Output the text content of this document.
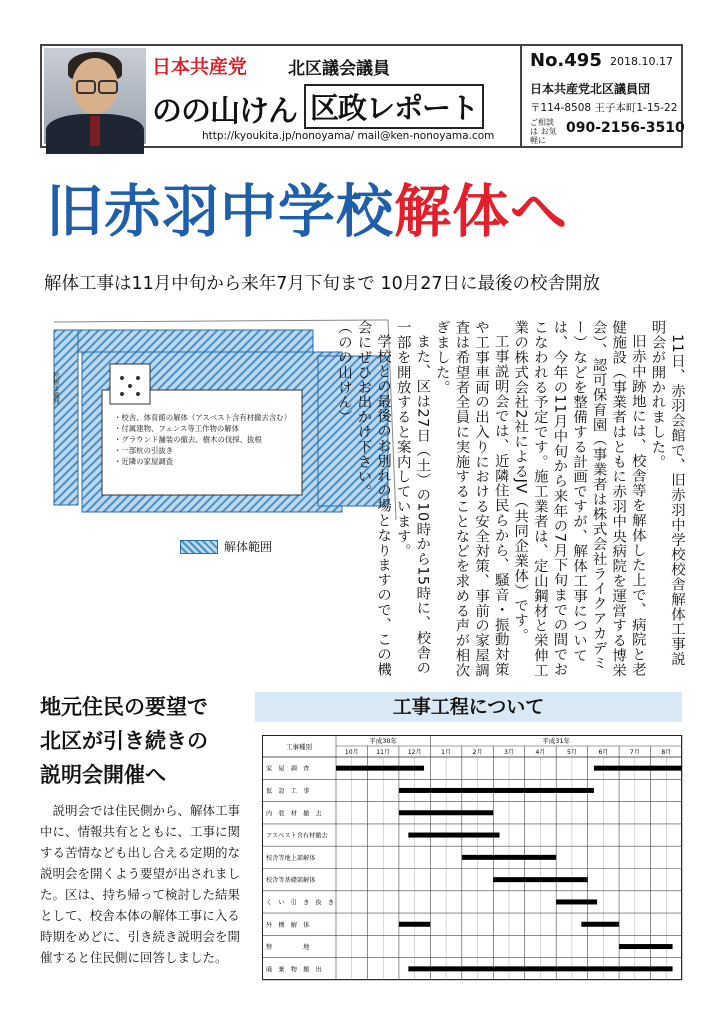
日本共産党 北区議会議員
のの山けん 区政レポート
http://kyoukita.jp/nonoyama/ mail@ken-nonoyama.com
No.495 2018.10.17
日本共産党北区議員団
〒114-8508 王子本町1-15-22
ご相談は お気軽に
090-2156-3510
旧赤羽中学校解体へ
解体工事は11月中旬から来年7月下旬まで 10月27日に最後の校舎開放
杭抜き範囲
・校舎、体育館の解体（アスベスト含有材撤去含む）
・付属建物、フェンス等工作物の解体
・グラウンド舗装の撤去、樹木の伐採、抜根
・一部杭の引抜き
・近隣の家屋調査
解体範囲	11日、赤羽会館で、旧赤羽中学校校舎解体工事説明会が開かれました。

旧赤中跡地には、校舎等を解体した上で、病院と老健施設（事業者はともに赤羽中央病院を運営する博栄会）、認可保育園（事業者は株式会社ライクアカデミー）などを整備する計画ですが、解体工事については、今年の11月中旬から来年の7月下旬までの間でおこなわれる予定です。施工業者は、定山鋼材と栄伸工業の株式会社2社によるJV（共同企業体）です。

工事説明会では、近隣住民らから、騒音・振動対策や工事車両の出入りにおける安全対策、事前の家屋調査は希望者全員に実施することなどを求める声が相次ぎました。

また、区は27日（土）の10時から15時に、校舎の一部を開放すると案内しています。

学校との最後のお別れの場となりますので、この機会にぜひお出かけ下さい。

（のの山けん）
地元住民の要望で
北区が引き続きの
説明会開催へ
説明会では住民側から、解体工事中に、情報共有とともに、工事に関する苦情なども出し合える定期的な説明会を開くよう要望が出されました。区は、持ち帰って検討した結果として、校舎本体の解体工事に入る時期をめどに、引き続き説明会を開催すると住民側に回答しました。
工事工程について
平成30年	平成31年
工事種別
10月	11月	12月	1月	2月	3月	4月	5月	6月	7月	8月
家　屋　調　査
仮　設　工　事
内　装　材　撤　去
アスベスト含有材撤去
校舎等地上部解体
校舎等基礎部解体
く　い　引　き　抜　き
外　構　解　体
整　　　　　地
廃　棄　物　搬　出
